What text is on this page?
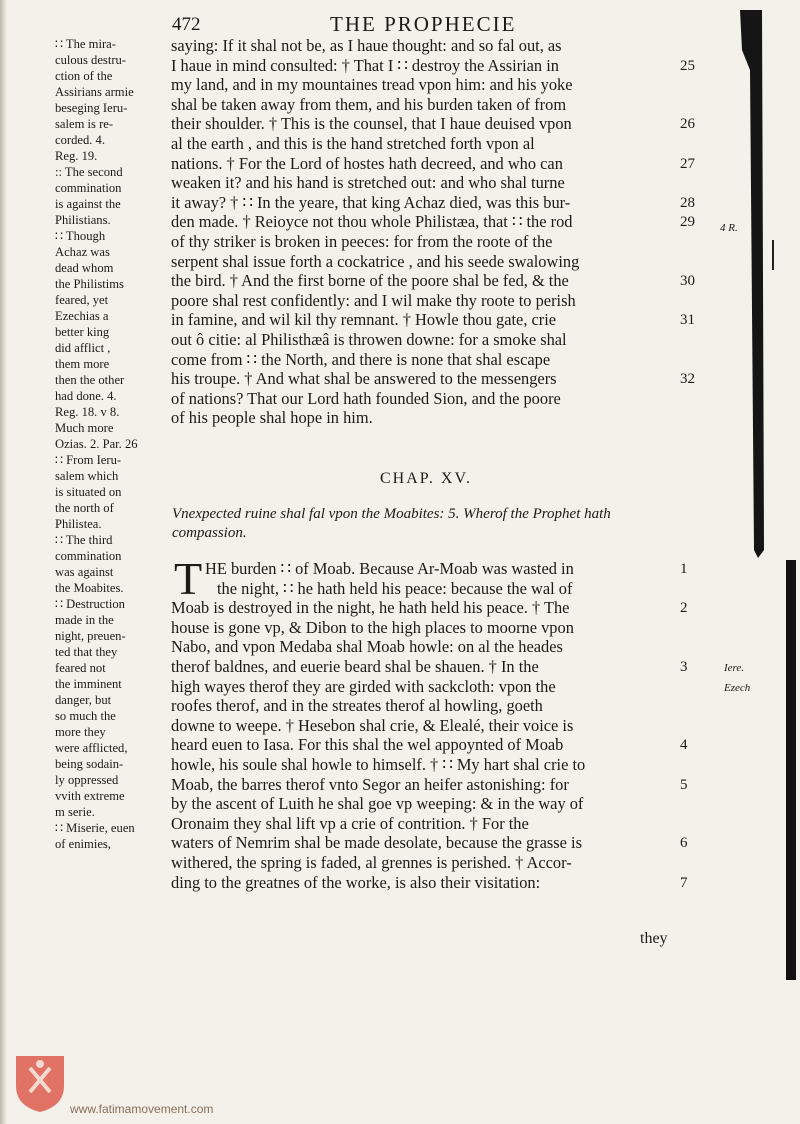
472	THE PROPHECIE
∷ The mira-
culous destru-
ction of the
Assirians armie
beseging Ieru-
salem is re-
corded. 4.
Reg. 19.
:: The second
commination
is against the
Philistians.
∷ Though
Achaz was
dead whom
the Philistims
feared, yet
Ezechias a
better king
did afflict ,
them more
then the other
had done. 4.
Reg. 18. v 8.
Much more
Ozias. 2. Par. 26
∷ From Ieru-
salem which
is situated on
the north of
Philistea.
∷ The third
commination
was against
the Moabites.
∷ Destruction
made in the
night, preuen-
ted that they
feared not
the imminent
danger, but
so much the
more they
were afflicted,
being sodain-
ly oppressed
vvith extreme
m serie.
∷ Miserie, euen
of enimies,
saying: If it shal not be, as I haue thought: and so fal out, as
I haue in mind consulted: † That I ∷ destroy the Assirian in
my land, and in my mountaines tread vpon him: and his yoke
shal be taken away from them, and his burden taken of from
their shoulder. † This is the counsel, that I haue deuised vpon
al the earth , and this is the hand stretched forth vpon al
nations. † For the Lord of hostes hath decreed, and who can
weaken it? and his hand is stretched out: and who shal turne
it away? † ∷ In the yeare, that king Achaz died, was this bur-
den made. † Reioyce not thou whole Philistæa, that ∷ the rod
of thy striker is broken in peeces: for from the roote of the
serpent shal issue forth a cockatrice , and his seede swalowing
the bird. † And the first borne of the poore shal be fed, & the
poore shal rest confidently: and I wil make thy roote to perish
in famine, and wil kil thy remnant. † Howle thou gate, crie
out ô citie: al Philisthæâ is throwen downe: for a smoke shal
come from ∷ the North, and there is none that shal escape
his troupe. † And what shal be answered to the messengers
of nations? That our Lord hath founded Sion, and the poore
of his people shal hope in him.
25
26
27
28
29
30
31
32
CHAP. XV.
Vnexpected ruine shal fal vpon the Moabites: 5. Wherof the Prophet hath
compassion.
T HE burden ∷ of Moab. Because Ar-Moab was wasted in
the night, ∷ he hath held his peace: because the wal of
Moab is destroyed in the night, he hath held his peace. † The
house is gone vp, & Dibon to the high places to moorne vpon
Nabo, and vpon Medaba shal Moab howle: on al the heades
therof baldnes, and euerie beard shal be shauen. † In the
high wayes therof they are girded with sackcloth: vpon the
roofes therof, and in the streates therof al howling, goeth
downe to weepe. † Hesebon shal crie, & Elealé, their voice is
heard euen to Iasa. For this shal the wel appoynted of Moab
howle, his soule shal howle to himself. † ∷ My hart shal crie to
Moab, the barres therof vnto Segor an heifer astonishing: for
by the ascent of Luith he shal goe vp weeping: & in the way of
Oronaim they shal lift vp a crie of contrition. † For the
waters of Nemrim shal be made desolate, because the grasse is
withered, the spring is faded, al grennes is perished. † Accor-
ding to the greatnes of the worke, is also their visitation:
1
2
3
4
5
6
7
4 R.
Iere.
Ezech
they
www.fatimamovement.com
